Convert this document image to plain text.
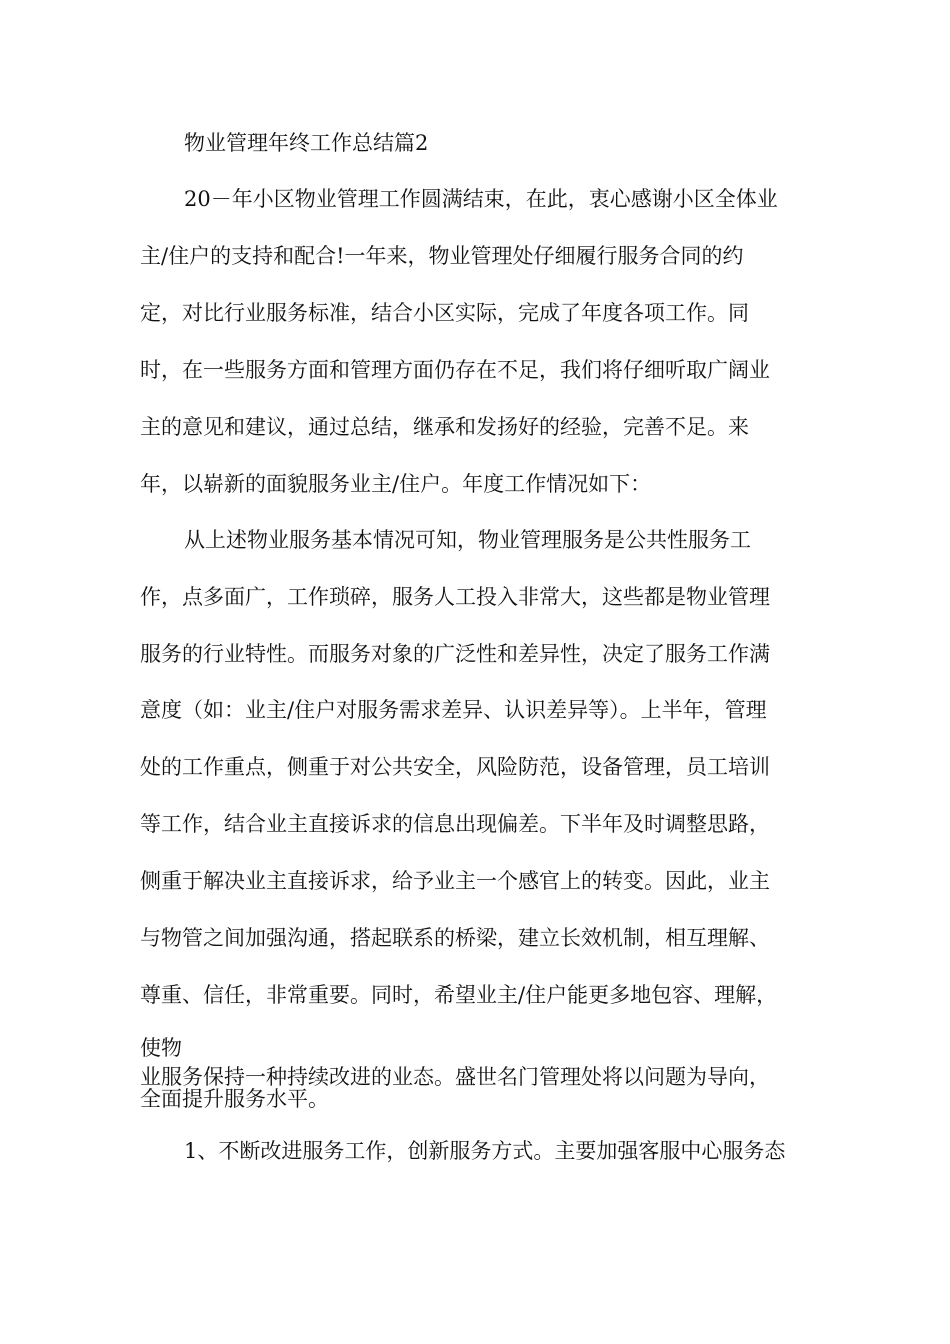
物业管理年终工作总结篇2
20－年小区物业管理工作圆满结束，在此，衷心感谢小区全体业
主/住户的支持和配合!一年来，物业管理处仔细履行服务合同的约
定，对比行业服务标准，结合小区实际，完成了年度各项工作。同
时，在一些服务方面和管理方面仍存在不足，我们将仔细听取广阔业
主的意见和建议，通过总结，继承和发扬好的经验，完善不足。来
年，以崭新的面貌服务业主/住户。年度工作情况如下：
从上述物业服务基本情况可知，物业管理服务是公共性服务工
作，点多面广，工作琐碎，服务人工投入非常大，这些都是物业管理
服务的行业特性。而服务对象的广泛性和差异性，决定了服务工作满
意度（如：业主/住户对服务需求差异、认识差异等）。上半年，管理
处的工作重点，侧重于对公共安全，风险防范，设备管理，员工培训
等工作，结合业主直接诉求的信息出现偏差。下半年及时调整思路，
侧重于解决业主直接诉求，给予业主一个感官上的转变。因此，业主
与物管之间加强沟通，搭起联系的桥梁，建立长效机制，相互理解、
尊重、信任，非常重要。同时，希望业主/住户能更多地包容、理解，
使物
业服务保持一种持续改进的业态。盛世名门管理处将以问题为导向，
全面提升服务水平。
1、不断改进服务工作，创新服务方式。主要加强客服中心服务态
